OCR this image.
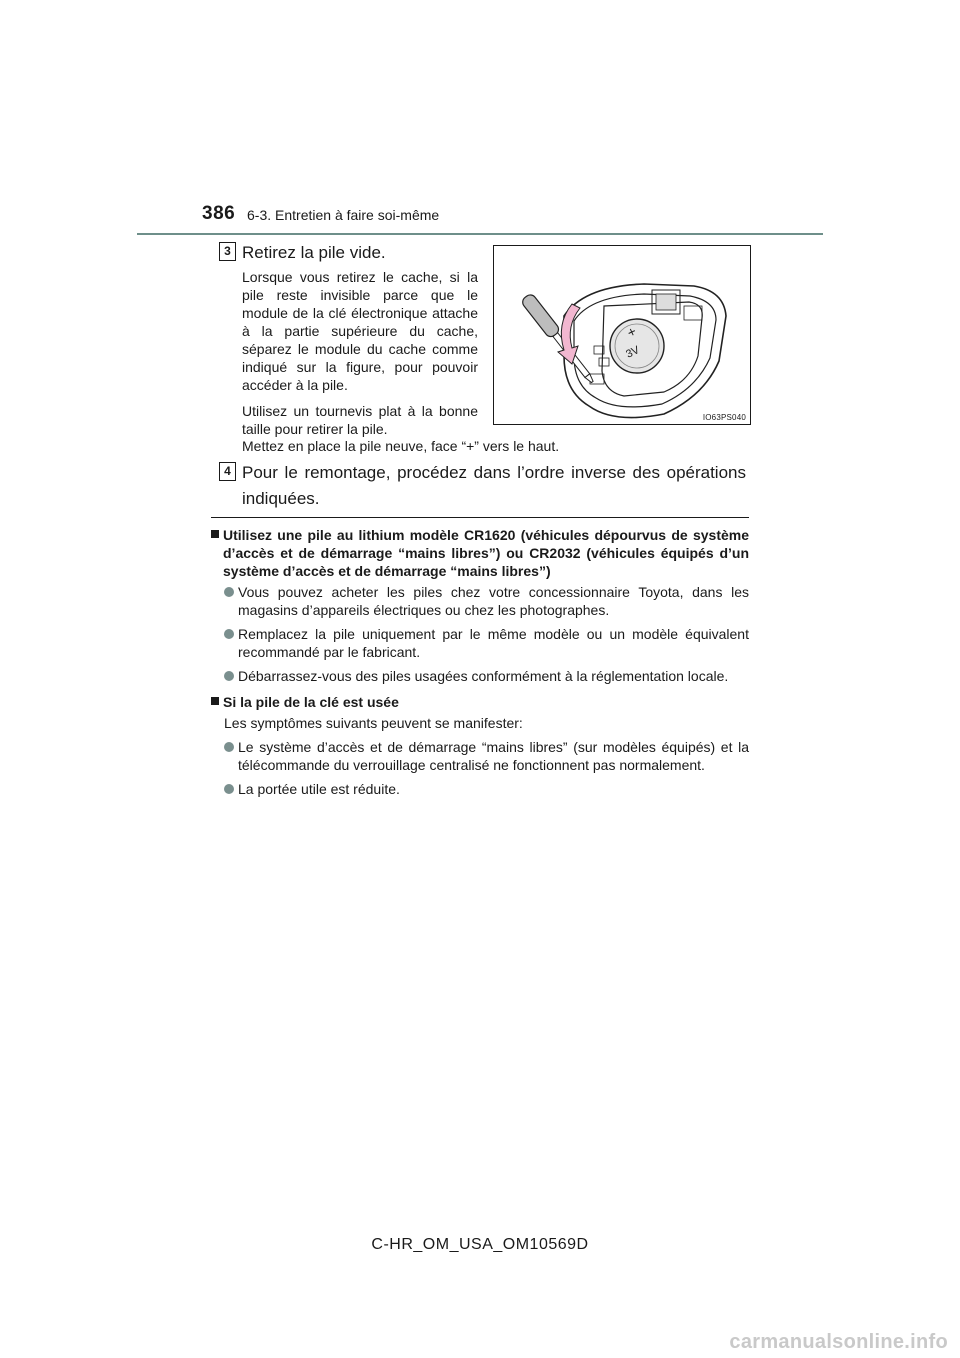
386 6-3. Entretien à faire soi-même
3 Retirez la pile vide.

Lorsque vous retirez le cache, si la pile reste invisible parce que le module de la clé électronique attache à la partie supérieure du cache, séparez le module du cache comme indiqué sur la figure, pour pouvoir accéder à la pile.

Utilisez un tournevis plat à la bonne taille pour retirer la pile.

Mettez en place la pile neuve, face “+” vers le haut.
+
3V
IO63PS040
4 Pour le remontage, procédez dans l’ordre inverse des opérations indiquées.
Utilisez une pile au lithium modèle CR1620 (véhicules dépourvus de système d’accès et de démarrage “mains libres”) ou CR2032 (véhicules équipés d’un système d’accès et de démarrage “mains libres”)
Vous pouvez acheter les piles chez votre concessionnaire Toyota, dans les magasins d’appareils électriques ou chez les photographes.
Remplacez la pile uniquement par le même modèle ou un modèle équivalent recommandé par le fabricant.
Débarrassez-vous des piles usagées conformément à la réglementation locale.
Si la pile de la clé est usée
Les symptômes suivants peuvent se manifester:
Le système d’accès et de démarrage “mains libres” (sur modèles équipés) et la télécommande du verrouillage centralisé ne fonctionnent pas normalement.
La portée utile est réduite.
C-HR_OM_USA_OM10569D
carmanualsonline.info
